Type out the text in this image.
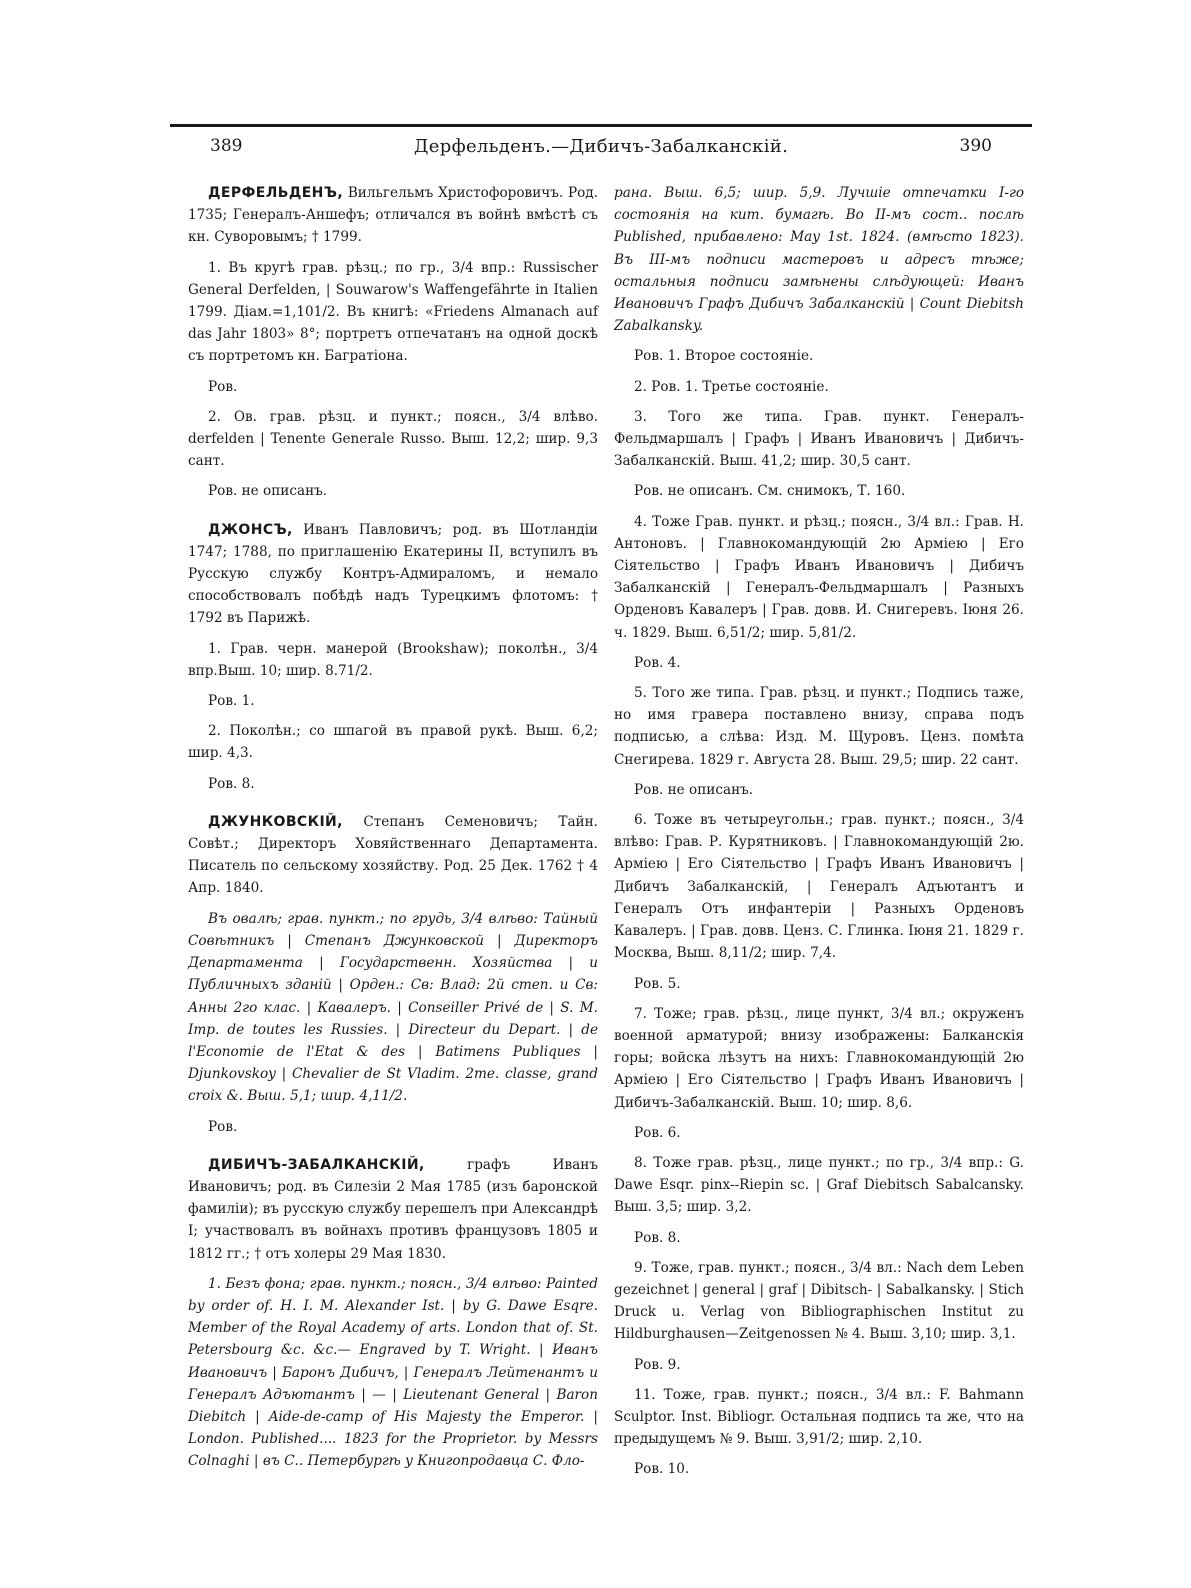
389	Дерфельденъ.—Дибичъ-Забалканскій.	390

ДЕРФЕЛЬДЕНЪ, Вильгельмъ Христофоровичъ. Род. 1735; Генералъ-Аншефъ; отличался въ войнѣ вмѣстѣ съ кн. Суворовымъ; † 1799.

1. Въ кругѣ грав. рѣзц.; по гр., 3/4 впр.: Russischer General Derfelden, | Souwarow's Waffengefährte in Italien 1799. Діам.=1,101/2. Въ книгѣ: «Friedens Almanach auf das Jahr 1803» 8°; портретъ отпечатанъ на одной доскѣ съ портретомъ кн. Багратіона.

Ров.

2. Ов. грав. рѣзц. и пункт.; поясн., 3/4 влѣво. derfelden | Tenente Generale Russo. Выш. 12,2; шир. 9,3 сант.

Ров. не описанъ.

ДЖОНСЪ, Иванъ Павловичъ; род. въ Шотландіи 1747; 1788, по приглашенію Екатерины II, вступилъ въ Русскую службу Контръ-Адмираломъ, и немало способствовалъ побѣдѣ надъ Турецкимъ флотомъ: † 1792 въ Парижѣ.

1. Грав. черн. манерой (Brookshaw); поколѣн., 3/4 впр.Выш. 10; шир. 8.71/2.

Ров. 1.

2. Поколѣн.; со шпагой въ правой рукѣ. Выш. 6,2; шир. 4,3.

Ров. 8.

ДЖУНКОВСКІЙ, Степанъ Семеновичъ; Тайн. Совѣт.; Директоръ Ховяйственнаго Департамента. Писатель по сельскому хозяйству. Род. 25 Дек. 1762 † 4 Апр. 1840.

Въ овалѣ; грав. пункт.; по грудь, 3/4 влѣво: Тайный Совѣтникъ | Степанъ Джунковской | Директоръ Департамента | Государственн. Хозяйства | и Публичныхъ зданій | Орден.: Св: Влад: 2й степ. и Св: Анны 2го клас. | Кавалеръ. | Conseiller Privé de | S. M. Imp. de toutes les Russies. | Directeur du Depart. | de l'Economie de l'Etat & des | Batimens Publiques | Djunkovskoy | Chevalier de St Vladim. 2me. classe, grand croix &. Выш. 5,1; шир. 4,11/2.

Ров.

ДИБИЧЪ-ЗАБАЛКАНСКІЙ,	графъ Иванъ Ивановичъ; род. въ Силезіи 2 Мая 1785 (изъ баронской фамиліи); въ русскую службу перешелъ при Александрѣ I; участвовалъ въ войнахъ противъ французовъ 1805 и 1812 гг.; † отъ холеры 29 Мая 1830.

1. Безъ фона; грав. пункт.; поясн., 3/4 влѣво: Painted by order of. H. I. M. Alexander Ist. | by G. Dawe Esqre. Member of the Royal Academy of arts. London that of. St. Petersbourg &c. &c.— Engraved by T. Wright. | Иванъ Ивановичъ | Баронъ Дибичъ, | Генералъ Лейтенантъ и Генералъ Адъютантъ | — | Lieutenant General | Baron Diebitch | Aide-de-camp of His Majesty the Emperor. | London. Published.... 1823 for the Proprietor. by Messrs Colnaghi | въ С.. Петербургѣ у Книгопродавца С. Фло-

рана. Выш. 6,5; шир. 5,9. Лучшіе отпечатки I-го состоянія на кит. бумагѣ. Во II-мъ сост.. послѣ Published, прибавлено: May 1st. 1824. (вмѣсто 1823). Въ III-мъ подписи мастеровъ и адресъ тѣже; остальныя подписи замѣнены слѣдующей: Иванъ Ивановичъ Графъ Дибичъ Забалканскій | Count Diebitsh Zabalkansky.

Ров. 1. Второе состояніе.

2. Ров. 1. Третье состояніе.

3. Того же типа. Грав. пункт. Генералъ-Фельдмаршалъ | Графъ | Иванъ Ивановичъ | Дибичъ-Забалканскій. Выш. 41,2; шир. 30,5 сант.

Ров. не описанъ. См. снимокъ, Т. 160.

4. Тоже Грав. пункт. и рѣзц.; поясн., 3/4 вл.: Грав. Н. Антоновъ. | Главнокомандующій 2ю Арміею | Его Сіятельство | Графъ Иванъ Ивановичъ | Дибичъ Забалканскій | Генералъ-Фельдмаршалъ | Разныхъ Орденовъ Кавалеръ | Грав. довв. И. Снигеревъ. Іюня 26. ч. 1829. Выш. 6,51/2; шир. 5,81/2.

Ров. 4.

5. Того же типа. Грав. рѣзц. и пункт.; Подпись таже, но имя гравера поставлено внизу, справа подъ подписью, а слѣва: Изд. М. Щуровъ. Ценз. помѣта Снегирева. 1829 г. Августа 28. Выш. 29,5; шир. 22 сант.

Ров. не описанъ.

6. Тоже въ четыреугольн.; грав. пункт.; поясн., 3/4 влѣво: Грав. Р. Курятниковъ. | Главнокомандующій 2ю. Арміею | Его Сіятельство | Графъ Иванъ Ивановичъ | Дибичъ Забалканскій, | Генералъ Адъютантъ и Генералъ Отъ инфантеріи | Разныхъ Орденовъ Кавалеръ. | Грав. довв. Ценз. С. Глинка. Іюня 21. 1829 г. Москва, Выш. 8,11/2; шир. 7,4.

Ров. 5.

7. Тоже; грав. рѣзц., лице пункт, 3/4 вл.; окруженъ военной арматурой; внизу изображены: Балканскія горы; войска лѣзутъ на нихъ: Главнокомандующій 2ю Арміею | Его Сіятельство | Графъ Иванъ Ивановичъ | Дибичъ-Забалканскій. Выш. 10; шир. 8,6.

Ров. 6.

8. Тоже грав. рѣзц., лице пункт.; по гр., 3/4 впр.: G. Dawe Esqr. pinx--Riepin sc. | Graf Diebitsch Sabalcansky. Выш. 3,5; шир. 3,2.

Ров. 8.

9. Тоже, грав. пункт.; поясн., 3/4 вл.: Nach dem Leben gezeichnet | general | graf | Dibitsch- | Sabalkansky. | Stich Druck u. Verlag von Bibliographischen Institut zu Hildburghausen—Zeitgenossen № 4. Выш. 3,10; шир. 3,1.

Ров. 9.

11. Тоже, грав. пункт.; поясн., 3/4 вл.: F. Bahmann Sculptor. Inst. Bibliogr. Остальная подпись та же, что на предыдущемъ № 9. Выш. 3,91/2; шир. 2,10.

Ров. 10.
